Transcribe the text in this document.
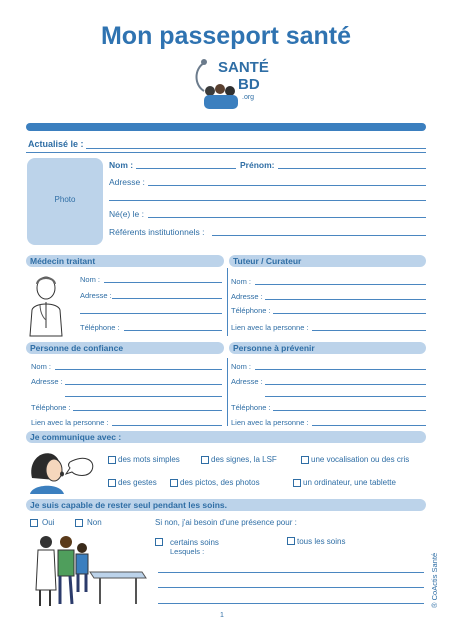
Mon passeport santé
SANTÉ
BD
.org
Actualisé le :
Photo
Nom :	Prénom:
Adresse :
Né(e) le :
Référents institutionnels :
Médecin traitant
Nom :
Adresse :
Téléphone :
Tuteur / Curateur
Nom :
Adresse :
Téléphone :
Lien avec la personne :
Personne de confiance
Nom :
Adresse :
Téléphone :
Lien avec la personne :
Personne à prévenir
Nom :
Adresse :
Téléphone :
Lien avec la personne :
Je communique avec :
des mots simples	des signes, la LSF	une vocalisation ou des cris
des gestes	des pictos, des photos	un ordinateur, une tablette
Je suis capable de rester seul pendant les soins.
Oui	Non	Si non, j'ai besoin d'une présence pour :
certains soins	tous les soins
Lesquels :
® CoActis Santé
1
